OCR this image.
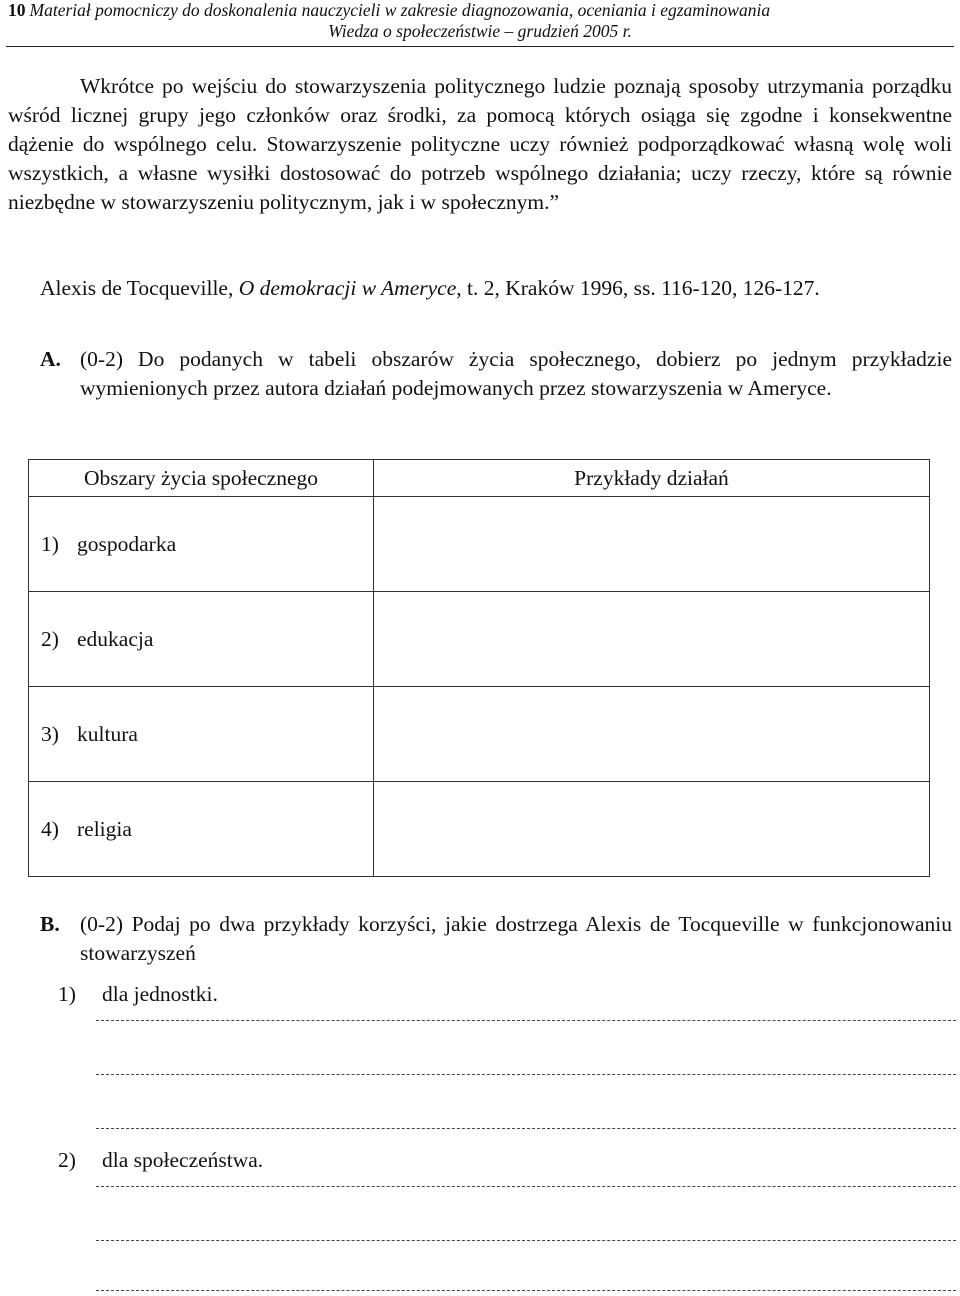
10 Materiał pomocniczy do doskonalenia nauczycieli w zakresie diagnozowania, oceniania i egzaminowania
Wiedza o społeczeństwie – grudzień 2005 r.

Wkrótce po wejściu do stowarzyszenia politycznego ludzie poznają sposoby utrzymania porządku wśród licznej grupy jego członków oraz środki, za pomocą których osiąga się zgodne i konsekwentne dążenie do wspólnego celu. Stowarzyszenie polityczne uczy również podporządkować własną wolę woli wszystkich, a własne wysiłki dostosować do potrzeb wspólnego działania; uczy rzeczy, które są równie niezbędne w stowarzyszeniu politycznym, jak i w społecznym.”

Alexis de Tocqueville, O demokracji w Ameryce, t. 2, Kraków 1996, ss. 116-120, 126-127.
A. (0-2) Do podanych w tabeli obszarów życia społecznego, dobierz po jednym przykładzie wymienionych przez autora działań podejmowanych przez stowarzyszenia w Ameryce.
Obszary życia społecznego		Przykłady działań
1)	gospodarka	
2)	edukacja	
3)	kultura	
4)	religia	
B. (0-2) Podaj po dwa przykłady korzyści, jakie dostrzega Alexis de Tocqueville w funkcjonowaniu stowarzyszeń
1) dla jednostki.
2) dla społeczeństwa.
